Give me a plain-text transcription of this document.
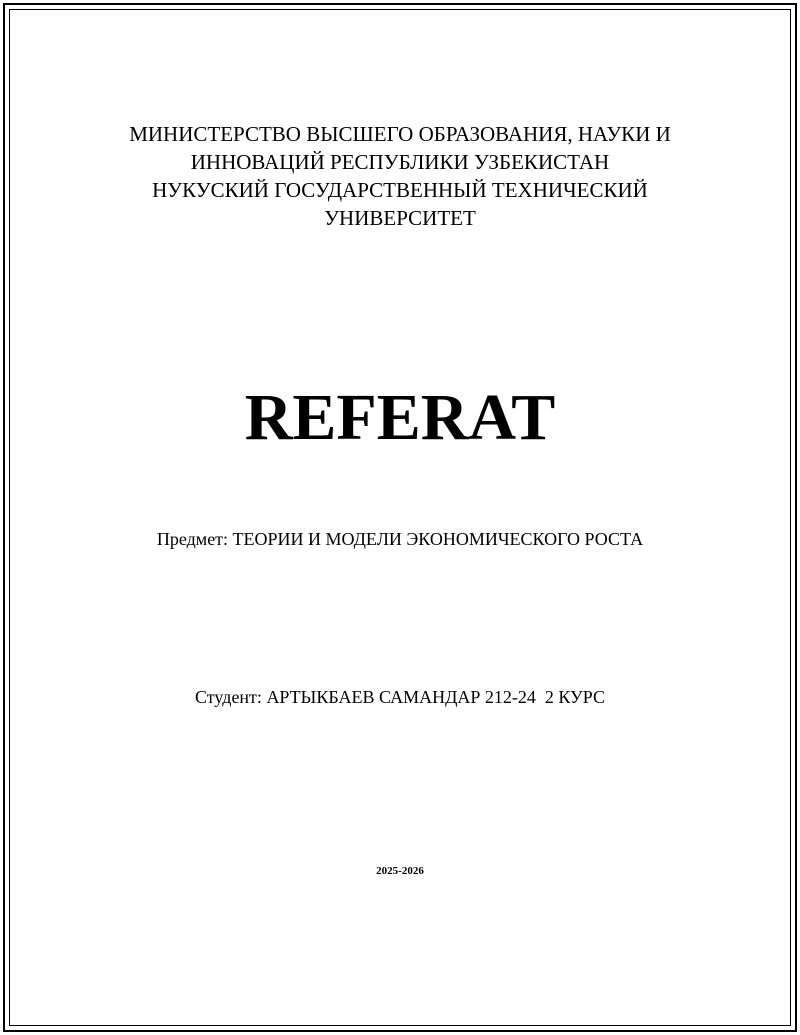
МИНИСТЕРСТВО ВЫСШЕГО ОБРАЗОВАНИЯ, НАУКИ И
ИННОВАЦИЙ РЕСПУБЛИКИ УЗБЕКИСТАН
НУКУСКИЙ ГОСУДАРСТВЕННЫЙ ТЕХНИЧЕСКИЙ
УНИВЕРСИТЕТ
REFERAT
Предмет: ТЕОРИИ И МОДЕЛИ ЭКОНОМИЧЕСКОГО РОСТА
Студент: АРТЫКБАЕВ САМАНДАР 212-24  2 КУРС
2025-2026
